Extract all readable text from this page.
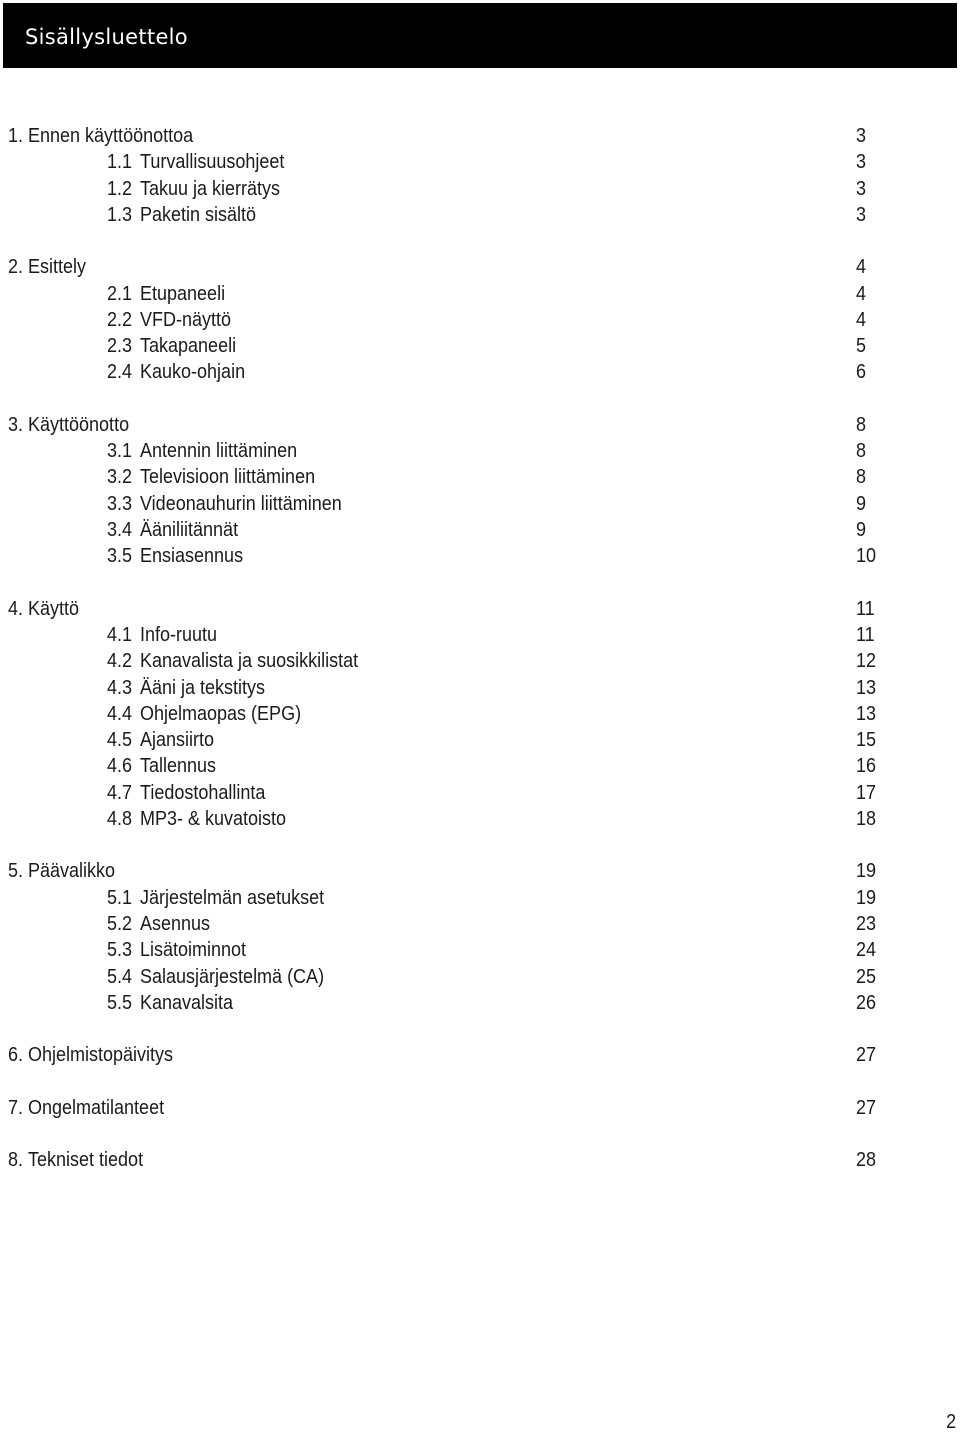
Sisällysluettelo
1. Ennen käyttöönottoa	3
1.1 Turvallisuusohjeet	3
1.2 Takuu ja kierrätys	3
1.3 Paketin sisältö	3
2. Esittely	4
2.1 Etupaneeli	4
2.2 VFD-näyttö	4
2.3 Takapaneeli	5
2.4 Kauko-ohjain	6
3. Käyttöönotto	8
3.1 Antennin liittäminen	8
3.2 Televisioon liittäminen	8
3.3 Videonauhurin liittäminen	9
3.4 Ääniliitännät	9
3.5 Ensiasennus	10
4. Käyttö	11
4.1 Info-ruutu	11
4.2 Kanavalista ja suosikkilistat	12
4.3 Ääni ja tekstitys	13
4.4 Ohjelmaopas (EPG)	13
4.5 Ajansiirto	15
4.6 Tallennus	16
4.7 Tiedostohallinta	17
4.8 MP3- & kuvatoisto	18
5. Päävalikko	19
5.1 Järjestelmän asetukset	19
5.2 Asennus	23
5.3 Lisätoiminnot	24
5.4 Salausjärjestelmä (CA)	25
5.5 Kanavalsita	26
6. Ohjelmistopäivitys	27
7. Ongelmatilanteet	27
8. Tekniset tiedot	28
2
